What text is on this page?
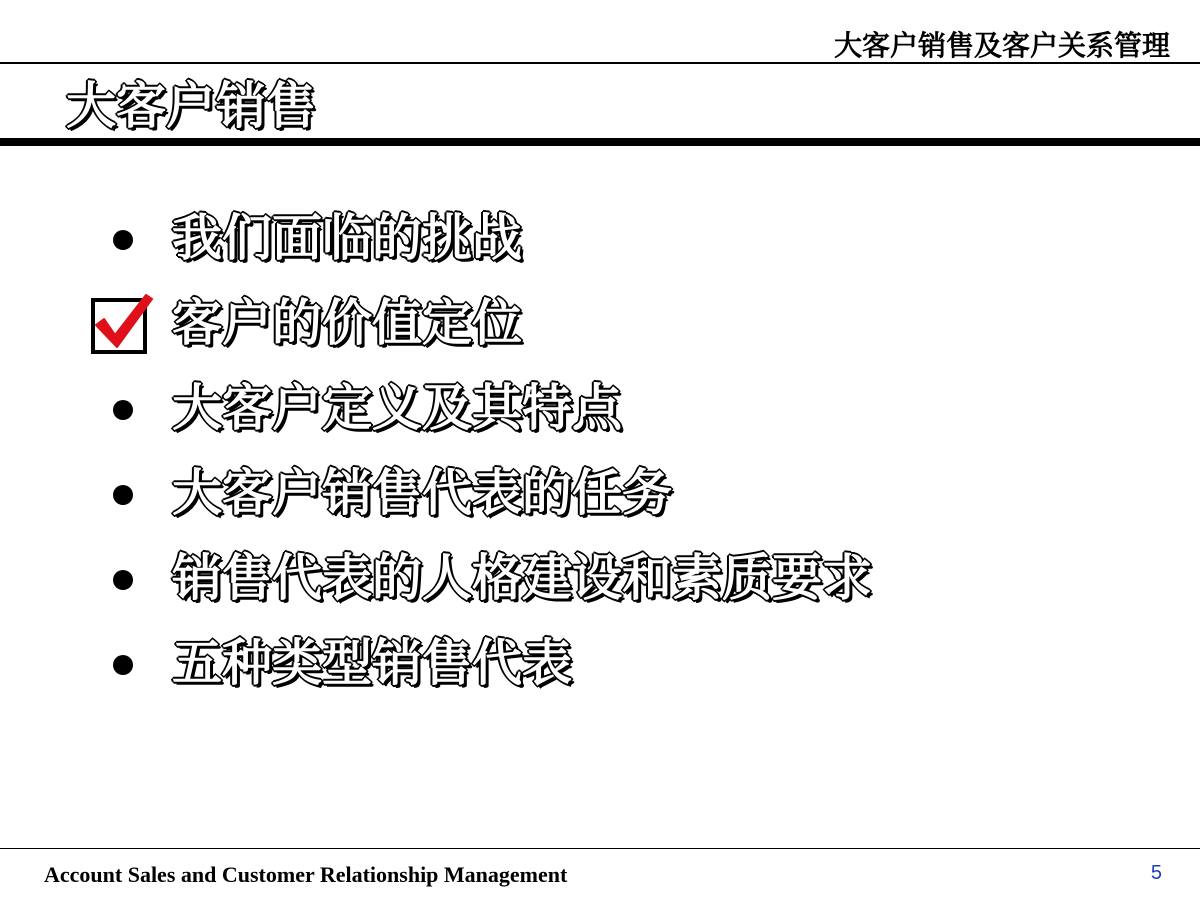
大客户销售及客户关系管理
大客户销售
我们面临的挑战
客户的价值定位
大客户定义及其特点
大客户销售代表的任务
销售代表的人格建设和素质要求
五种类型销售代表
Account Sales and Customer Relationship Management	5
